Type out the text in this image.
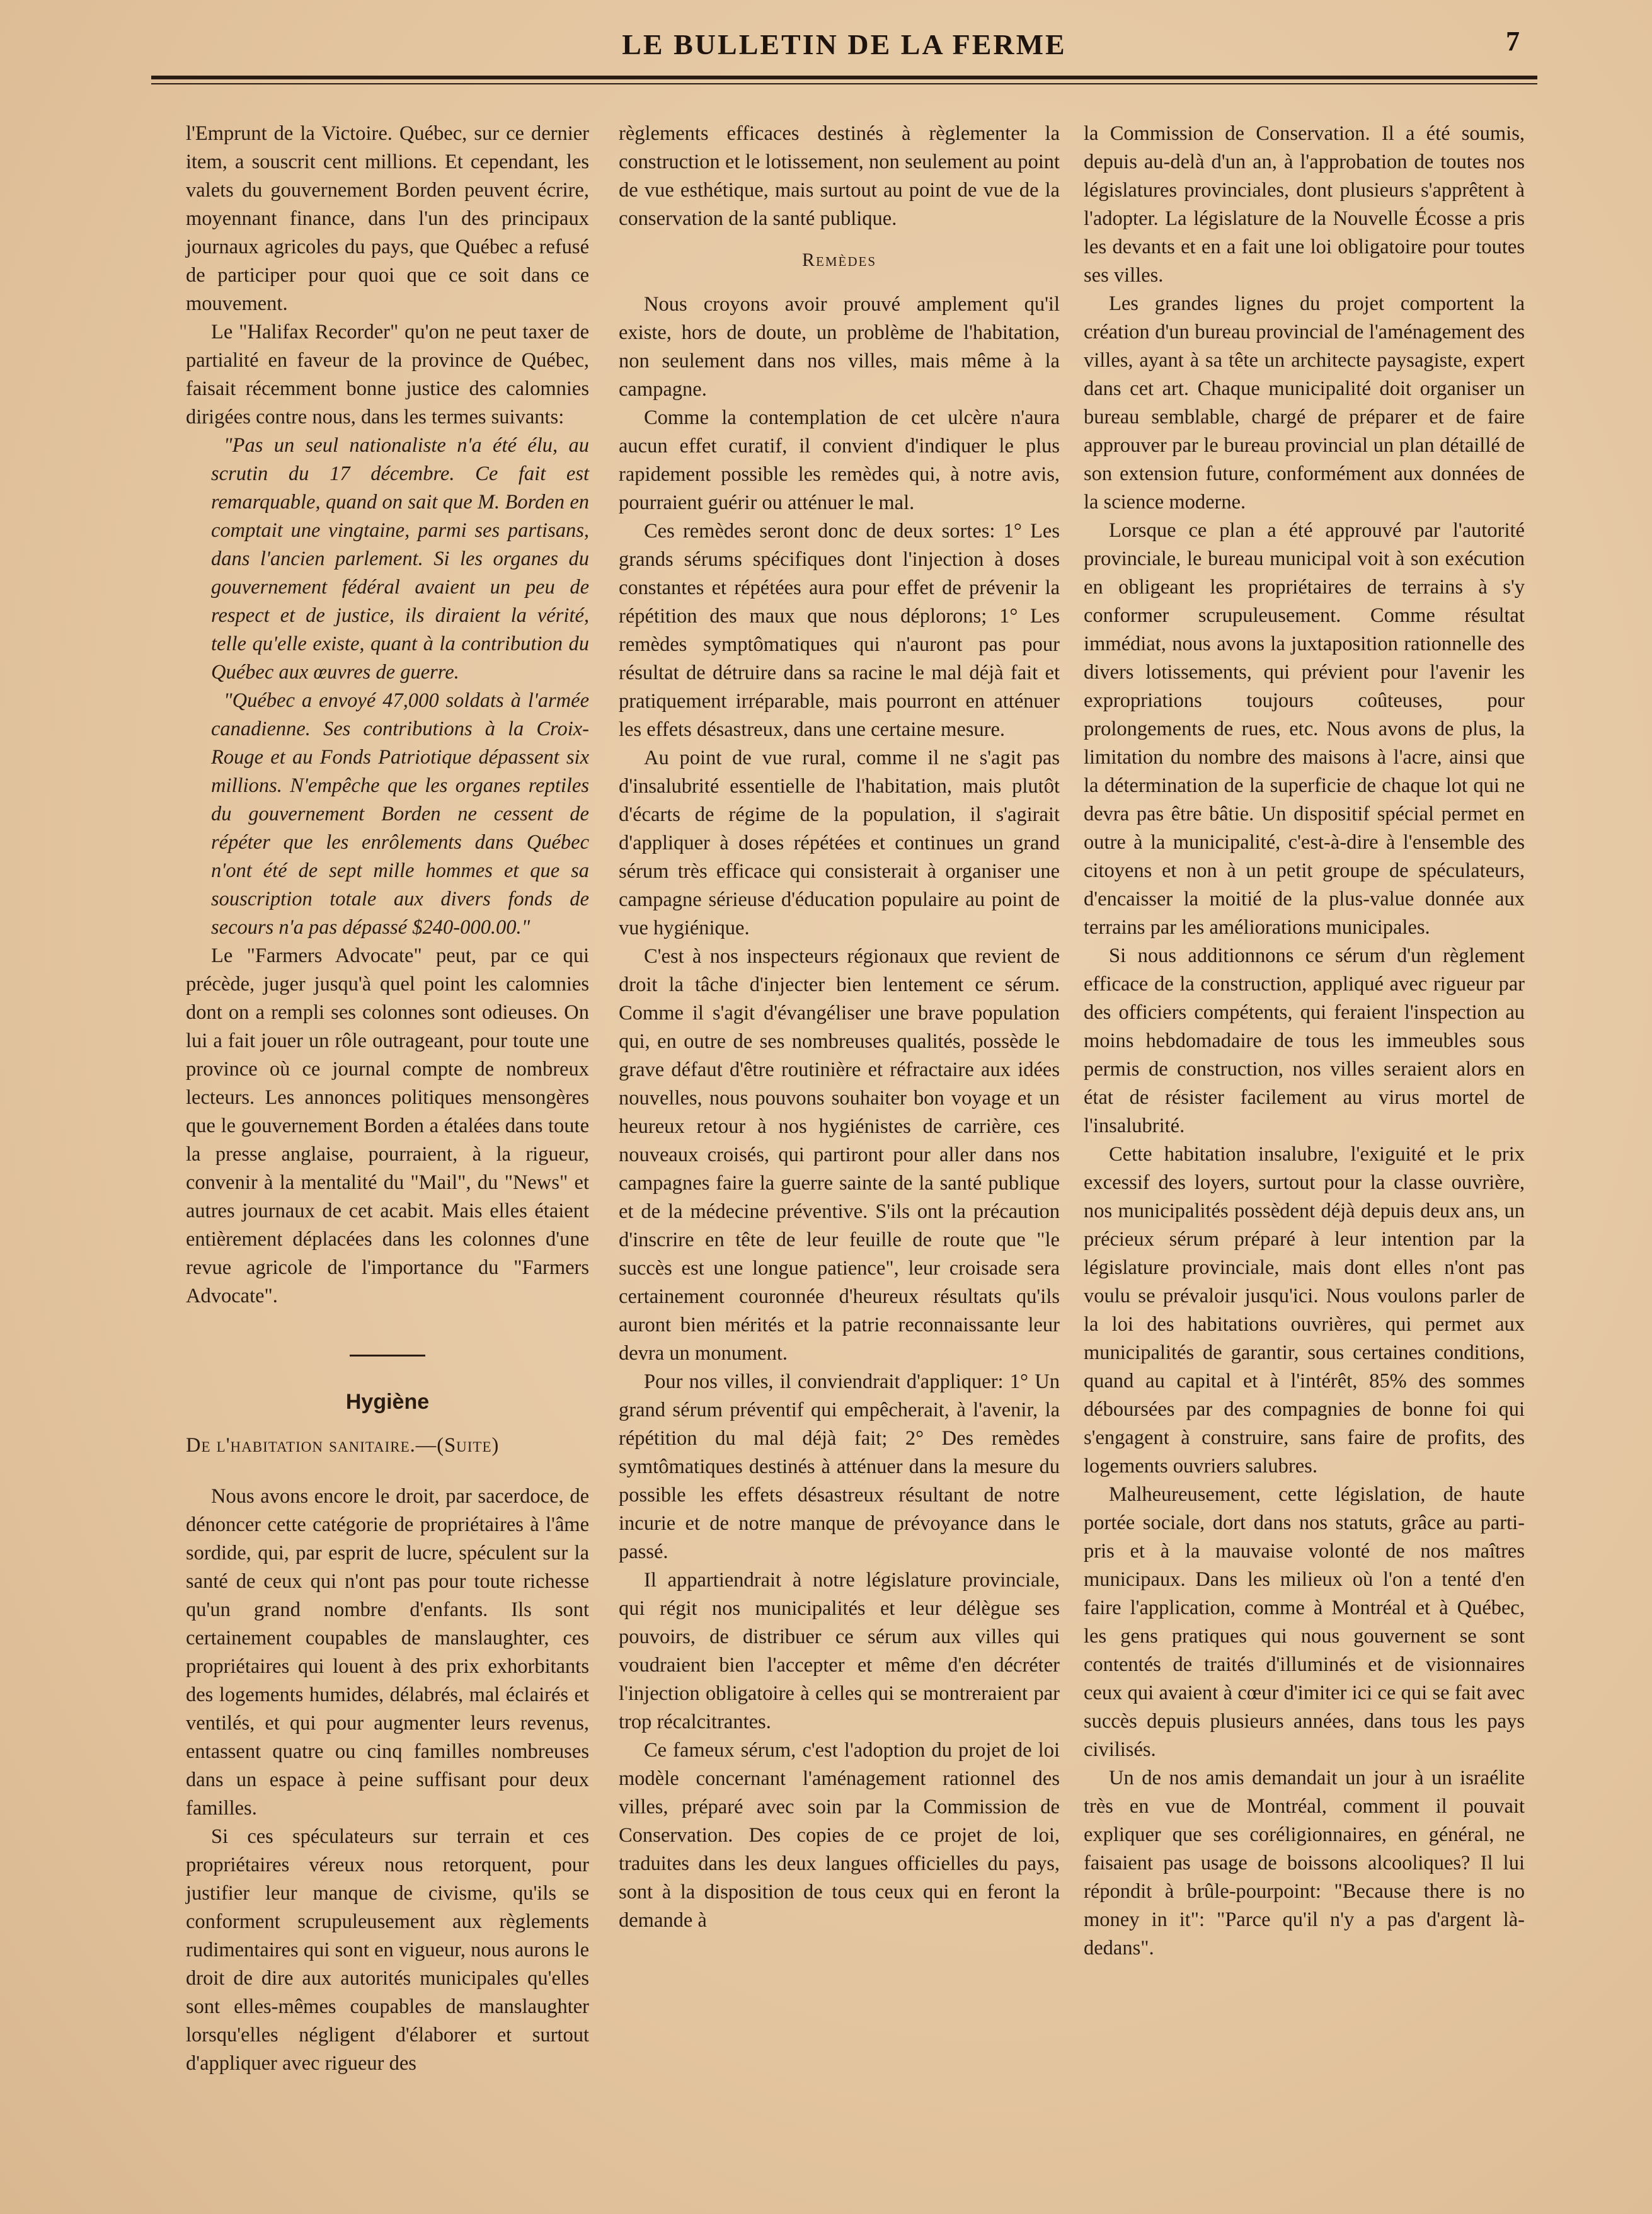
LE BULLETIN DE LA FERME	7

l'Emprunt de la Victoire. Québec, sur ce dernier item, a souscrit cent millions. Et cependant, les valets du gouvernement Borden peuvent écrire, moyennant finance, dans l'un des principaux journaux agricoles du pays, que Québec a refusé de participer pour quoi que ce soit dans ce mouvement.

Le "Halifax Recorder" qu'on ne peut taxer de partialité en faveur de la province de Québec, faisait récemment bonne justice des calomnies dirigées contre nous, dans les termes suivants:

"Pas un seul nationaliste n'a été élu, au scrutin du 17 décembre. Ce fait est remarquable, quand on sait que M. Borden en comptait une vingtaine, parmi ses partisans, dans l'ancien parlement. Si les organes du gouvernement fédéral avaient un peu de respect et de justice, ils diraient la vérité, telle qu'elle existe, quant à la contribution du Québec aux œuvres de guerre.

"Québec a envoyé 47,000 soldats à l'armée canadienne. Ses contributions à la Croix-Rouge et au Fonds Patriotique dépassent six millions. N'empêche que les organes reptiles du gouvernement Borden ne cessent de répéter que les enrôlements dans Québec n'ont été de sept mille hommes et que sa souscription totale aux divers fonds de secours n'a pas dépassé $240-000.00."

Le "Farmers Advocate" peut, par ce qui précède, juger jusqu'à quel point les calomnies dont on a rempli ses colonnes sont odieuses. On lui a fait jouer un rôle outrageant, pour toute une province où ce journal compte de nombreux lecteurs. Les annonces politiques mensongères que le gouvernement Borden a étalées dans toute la presse anglaise, pourraient, à la rigueur, convenir à la mentalité du "Mail", du "News" et autres journaux de cet acabit. Mais elles étaient entièrement déplacées dans les colonnes d'une revue agricole de l'importance du "Farmers Advocate".

Hygiène

De l'habitation sanitaire.—(Suite)

Nous avons encore le droit, par sacerdoce, de dénoncer cette catégorie de propriétaires à l'âme sordide, qui, par esprit de lucre, spéculent sur la santé de ceux qui n'ont pas pour toute richesse qu'un grand nombre d'enfants. Ils sont certainement coupables de manslaughter, ces propriétaires qui louent à des prix exhorbitants des logements humides, délabrés, mal éclairés et ventilés, et qui pour augmenter leurs revenus, entassent quatre ou cinq familles nombreuses dans un espace à peine suffisant pour deux familles.

Si ces spéculateurs sur terrain et ces propriétaires véreux nous retorquent, pour justifier leur manque de civisme, qu'ils se conforment scrupuleusement aux règlements rudimentaires qui sont en vigueur, nous aurons le droit de dire aux autorités municipales qu'elles sont elles-mêmes coupables de manslaughter lorsqu'elles négligent d'élaborer et surtout d'appliquer avec rigueur des

règlements efficaces destinés à règlementer la construction et le lotissement, non seulement au point de vue esthétique, mais surtout au point de vue de la conservation de la santé publique.

Remèdes

Nous croyons avoir prouvé amplement qu'il existe, hors de doute, un problème de l'habitation, non seulement dans nos villes, mais même à la campagne.

Comme la contemplation de cet ulcère n'aura aucun effet curatif, il convient d'indiquer le plus rapidement possible les remèdes qui, à notre avis, pourraient guérir ou atténuer le mal.

Ces remèdes seront donc de deux sortes: 1° Les grands sérums spécifiques dont l'injection à doses constantes et répétées aura pour effet de prévenir la répétition des maux que nous déplorons; 1° Les remèdes symptômatiques qui n'auront pas pour résultat de détruire dans sa racine le mal déjà fait et pratiquement irréparable, mais pourront en atténuer les effets désastreux, dans une certaine mesure.

Au point de vue rural, comme il ne s'agit pas d'insalubrité essentielle de l'habitation, mais plutôt d'écarts de régime de la population, il s'agirait d'appliquer à doses répétées et continues un grand sérum très efficace qui consisterait à organiser une campagne sérieuse d'éducation populaire au point de vue hygiénique.

C'est à nos inspecteurs régionaux que revient de droit la tâche d'injecter bien lentement ce sérum. Comme il s'agit d'évangéliser une brave population qui, en outre de ses nombreuses qualités, possède le grave défaut d'être routinière et réfractaire aux idées nouvelles, nous pouvons souhaiter bon voyage et un heureux retour à nos hygiénistes de carrière, ces nouveaux croisés, qui partiront pour aller dans nos campagnes faire la guerre sainte de la santé publique et de la médecine préventive. S'ils ont la précaution d'inscrire en tête de leur feuille de route que "le succès est une longue patience", leur croisade sera certainement couronnée d'heureux résultats qu'ils auront bien mérités et la patrie reconnaissante leur devra un monument.

Pour nos villes, il conviendrait d'appliquer: 1° Un grand sérum préventif qui empêcherait, à l'avenir, la répétition du mal déjà fait; 2° Des remèdes symtômatiques destinés à atténuer dans la mesure du possible les effets désastreux résultant de notre incurie et de notre manque de prévoyance dans le passé.

Il appartiendrait à notre législature provinciale, qui régit nos municipalités et leur délègue ses pouvoirs, de distribuer ce sérum aux villes qui voudraient bien l'accepter et même d'en décréter l'injection obligatoire à celles qui se montreraient par trop récalcitrantes.

Ce fameux sérum, c'est l'adoption du projet de loi modèle concernant l'aménagement rationnel des villes, préparé avec soin par la Commission de Conservation. Des copies de ce projet de loi, traduites dans les deux langues officielles du pays, sont à la disposition de tous ceux qui en feront la demande à

la Commission de Conservation. Il a été soumis, depuis au-delà d'un an, à l'approbation de toutes nos législatures provinciales, dont plusieurs s'apprêtent à l'adopter. La législature de la Nouvelle Écosse a pris les devants et en a fait une loi obligatoire pour toutes ses villes.

Les grandes lignes du projet comportent la création d'un bureau provincial de l'aménagement des villes, ayant à sa tête un architecte paysagiste, expert dans cet art. Chaque municipalité doit organiser un bureau semblable, chargé de préparer et de faire approuver par le bureau provincial un plan détaillé de son extension future, conformément aux données de la science moderne.

Lorsque ce plan a été approuvé par l'autorité provinciale, le bureau municipal voit à son exécution en obligeant les propriétaires de terrains à s'y conformer scrupuleusement. Comme résultat immédiat, nous avons la juxtaposition rationnelle des divers lotissements, qui prévient pour l'avenir les expropriations toujours coûteuses, pour prolongements de rues, etc. Nous avons de plus, la limitation du nombre des maisons à l'acre, ainsi que la détermination de la superficie de chaque lot qui ne devra pas être bâtie. Un dispositif spécial permet en outre à la municipalité, c'est-à-dire à l'ensemble des citoyens et non à un petit groupe de spéculateurs, d'encaisser la moitié de la plus-value donnée aux terrains par les améliorations municipales.

Si nous additionnons ce sérum d'un règlement efficace de la construction, appliqué avec rigueur par des officiers compétents, qui feraient l'inspection au moins hebdomadaire de tous les immeubles sous permis de construction, nos villes seraient alors en état de résister facilement au virus mortel de l'insalubrité.

Cette habitation insalubre, l'exiguité et le prix excessif des loyers, surtout pour la classe ouvrière, nos municipalités possèdent déjà depuis deux ans, un précieux sérum préparé à leur intention par la législature provinciale, mais dont elles n'ont pas voulu se prévaloir jusqu'ici. Nous voulons parler de la loi des habitations ouvrières, qui permet aux municipalités de garantir, sous certaines conditions, quand au capital et à l'intérêt, 85% des sommes déboursées par des compagnies de bonne foi qui s'engagent à construire, sans faire de profits, des logements ouvriers salubres.

Malheureusement, cette législation, de haute portée sociale, dort dans nos statuts, grâce au parti-pris et à la mauvaise volonté de nos maîtres municipaux. Dans les milieux où l'on a tenté d'en faire l'application, comme à Montréal et à Québec, les gens pratiques qui nous gouvernent se sont contentés de traités d'illuminés et de visionnaires ceux qui avaient à cœur d'imiter ici ce qui se fait avec succès depuis plusieurs années, dans tous les pays civilisés.

Un de nos amis demandait un jour à un israélite très en vue de Montréal, comment il pouvait expliquer que ses coréligionnaires, en général, ne faisaient pas usage de boissons alcooliques? Il lui répondit à brûle-pourpoint: "Because there is no money in it": "Parce qu'il n'y a pas d'argent là-dedans".
